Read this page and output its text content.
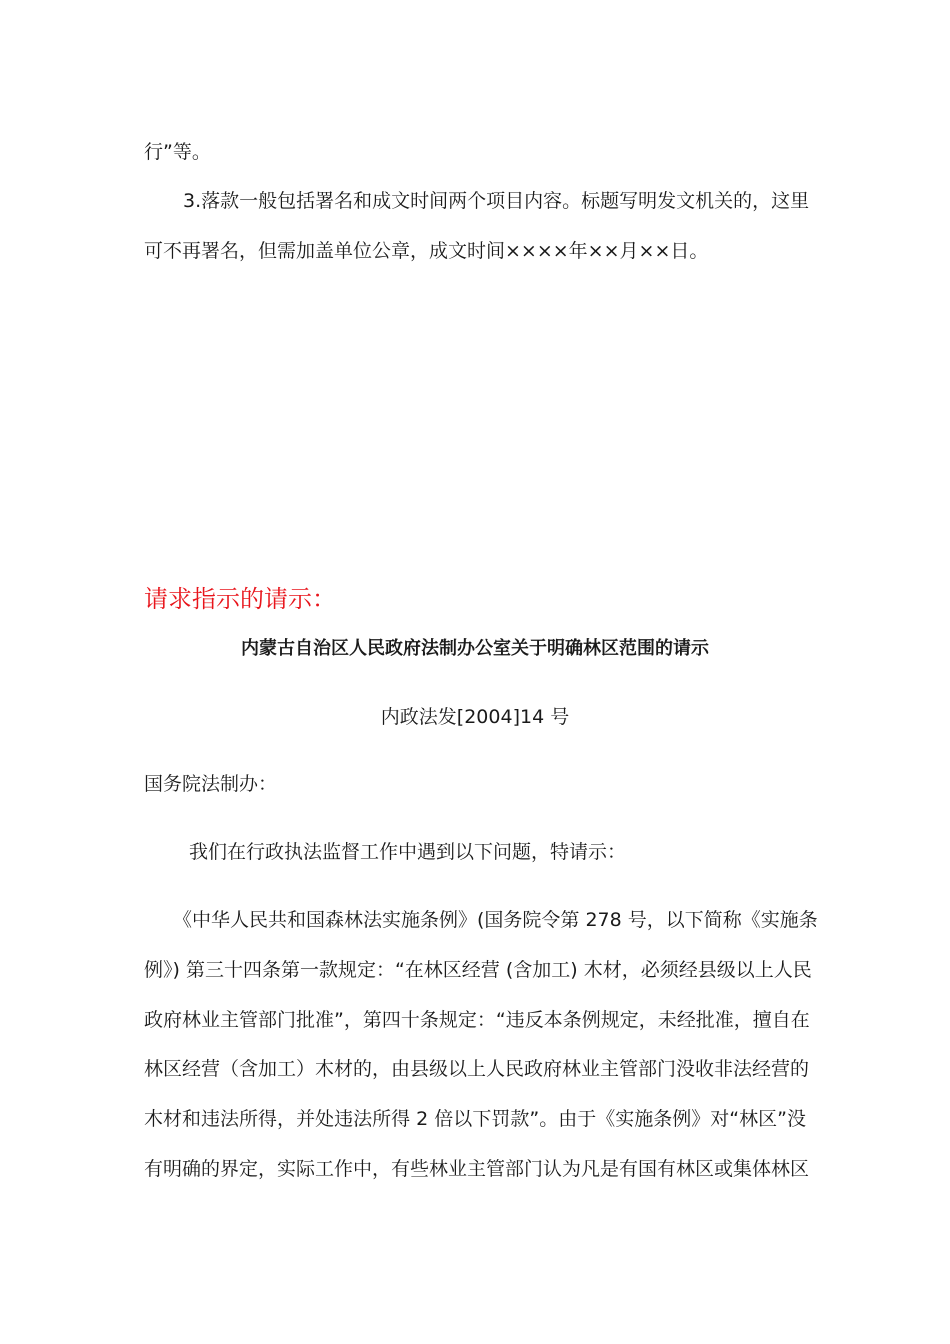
行”等。
3.落款一般包括署名和成文时间两个项目内容。标题写明发文机关的，这里
可不再署名，但需加盖单位公章，成文时间××××年××月××日。
请求指示的请示：
内蒙古自治区人民政府法制办公室关于明确林区范围的请示
内政法发[2004]14 号
国务院法制办：
我们在行政执法监督工作中遇到以下问题，特请示：
《中华人民共和国森林法实施条例》(国务院令第 278 号，以下简称《实施条
例》) 第三十四条第一款规定：“在林区经营 (含加工) 木材，必须经县级以上人民
政府林业主管部门批准”，第四十条规定：“违反本条例规定，未经批准，擅自在
林区经营（含加工）木材的，由县级以上人民政府林业主管部门没收非法经营的
木材和违法所得，并处违法所得 2 倍以下罚款”。由于《实施条例》对“林区”没
有明确的界定，实际工作中，有些林业主管部门认为凡是有国有林区或集体林区
